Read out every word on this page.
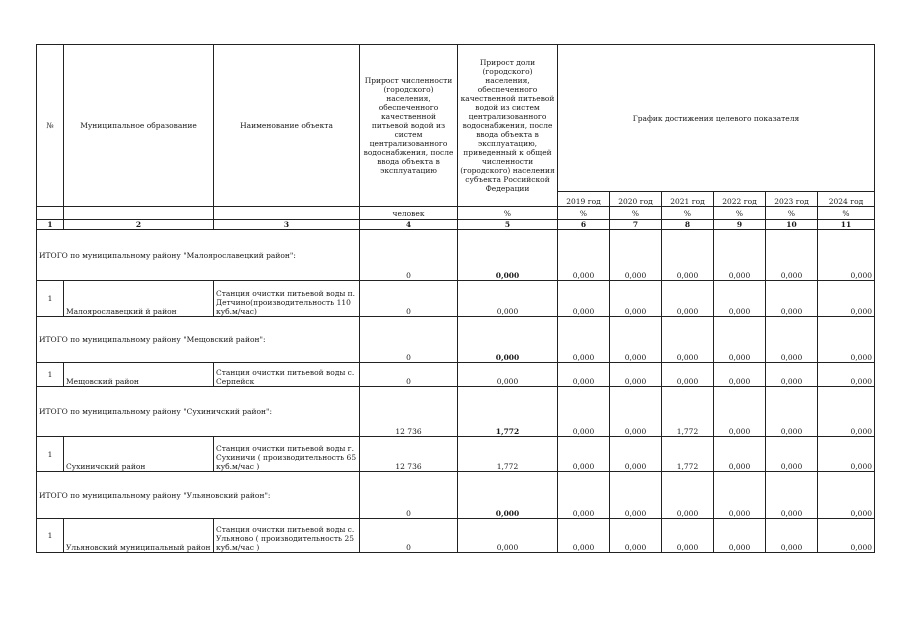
№	Муниципальное образование	Наименование объекта	Прирост численности (городского) населения, обеспеченного качественной питьевой водой из систем централизованного водоснабжения, после ввода объекта в эксплуатацию	Прирост доли (городского) населения, обеспеченного качественной питьевой водой из систем централизованного водоснабжения, после ввода объекта в эксплуатацию, приведенный к общей численности (городского) населения субъекта Российской Федерации	График достижения целевого показателя					
					2019 год	2020 год	2021 год	2022 год	2023 год	2024 год
			человек	%	%	%	%	%	%	%
1	2	3	4	5	6	7	8	9	10	11
ИТОГО по муниципальному району "Малоярославецкий район":			0	0,000	0,000	0,000	0,000	0,000	0,000	0,000
1	Малоярославецкий й район	Станция очистки питьевой воды п. Детчино(производительность 110 куб.м/час)	0	0,000	0,000	0,000	0,000	0,000	0,000	0,000
ИТОГО по муниципальному району "Мещовский район":			0	0,000	0,000	0,000	0,000	0,000	0,000	0,000
1	Мещовский район	Станция очистки питьевой воды с. Серпейск	0	0,000	0,000	0,000	0,000	0,000	0,000	0,000
ИТОГО по муниципальному району "Сухиничский район":			12 736	1,772	0,000	0,000	1,772	0,000	0,000	0,000
1	Сухиничский район	Станция очистки питьевой воды г. Сухиничи ( производительность 65 куб.м/час )	12 736	1,772	0,000	0,000	1,772	0,000	0,000	0,000
ИТОГО по муниципальному району "Ульяновский район":			0	0,000	0,000	0,000	0,000	0,000	0,000	0,000
1	Ульяновский муниципальный район	Станция очистки питьевой воды с. Ульяново ( производительность 25 куб.м/час )	0	0,000	0,000	0,000	0,000	0,000	0,000	0,000
